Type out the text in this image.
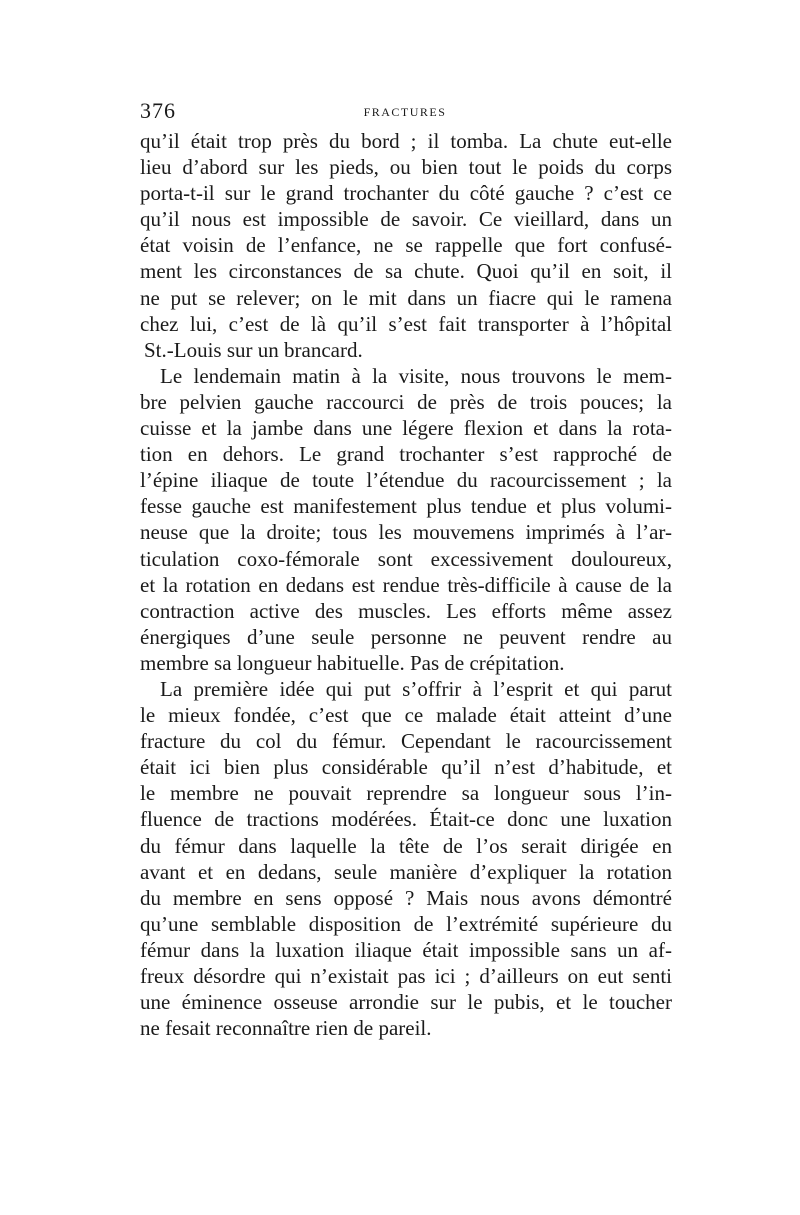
376	FRACTURES
qu’il était trop près du bord ; il tomba. La chute eut-elle
lieu d’abord sur les pieds, ou bien tout le poids du corps
porta-t-il sur le grand trochanter du côté gauche ? c’est ce
qu’il nous est impossible de savoir. Ce vieillard, dans un
état voisin de l’enfance, ne se rappelle que fort confusé-
ment les circonstances de sa chute. Quoi qu’il en soit, il
ne put se relever; on le mit dans un fiacre qui le ramena
chez lui, c’est de là qu’il s’est fait transporter à l’hôpital
St.-Louis sur un brancard.
Le lendemain matin à la visite, nous trouvons le mem-
bre pelvien gauche raccourci de près de trois pouces; la
cuisse et la jambe dans une légere flexion et dans la rota-
tion en dehors. Le grand trochanter s’est rapproché de
l’épine iliaque de toute l’étendue du racourcissement ; la
fesse gauche est manifestement plus tendue et plus volumi-
neuse que la droite; tous les mouvemens imprimés à l’ar-
ticulation coxo-fémorale sont excessivement douloureux,
et la rotation en dedans est rendue très-difficile à cause de la
contraction active des muscles. Les efforts même assez
énergiques d’une seule personne ne peuvent rendre au
membre sa longueur habituelle. Pas de crépitation.
La première idée qui put s’offrir à l’esprit et qui parut
le mieux fondée, c’est que ce malade était atteint d’une
fracture du col du fémur. Cependant le racourcissement
était ici bien plus considérable qu’il n’est d’habitude, et
le membre ne pouvait reprendre sa longueur sous l’in-
fluence de tractions modérées. Était-ce donc une luxation
du fémur dans laquelle la tête de l’os serait dirigée en
avant et en dedans, seule manière d’expliquer la rotation
du membre en sens opposé ? Mais nous avons démontré
qu’une semblable disposition de l’extrémité supérieure du
fémur dans la luxation iliaque était impossible sans un af-
freux désordre qui n’existait pas ici ; d’ailleurs on eut senti
une éminence osseuse arrondie sur le pubis, et le toucher
ne fesait reconnaître rien de pareil.
